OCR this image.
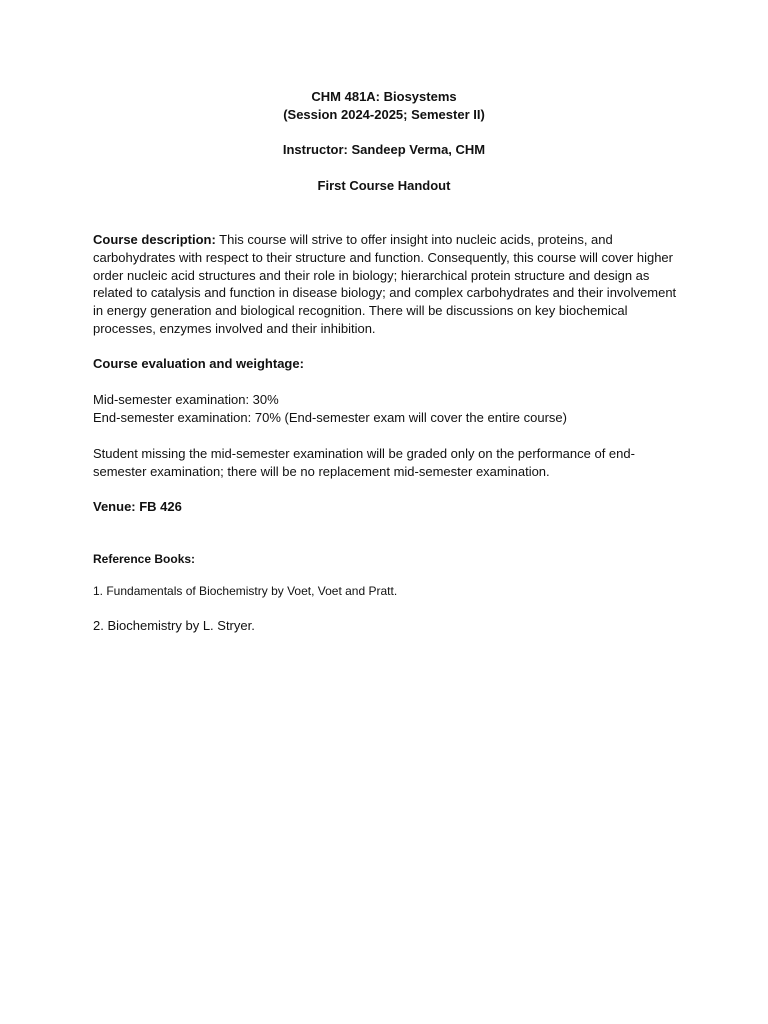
CHM 481A: Biosystems
(Session 2024-2025; Semester II)
Instructor: Sandeep Verma, CHM
First Course Handout
Course description: This course will strive to offer insight into nucleic acids, proteins, and carbohydrates with respect to their structure and function. Consequently, this course will cover higher order nucleic acid structures and their role in biology; hierarchical protein structure and design as related to catalysis and function in disease biology; and complex carbohydrates and their involvement in energy generation and biological recognition. There will be discussions on key biochemical processes, enzymes involved and their inhibition.
Course evaluation and weightage:
Mid-semester examination: 30%
End-semester examination: 70% (End-semester exam will cover the entire course)
Student missing the mid-semester examination will be graded only on the performance of end-semester examination; there will be no replacement mid-semester examination.
Venue: FB 426
Reference Books:
1. Fundamentals of Biochemistry by Voet, Voet and Pratt.
2. Biochemistry by L. Stryer.
